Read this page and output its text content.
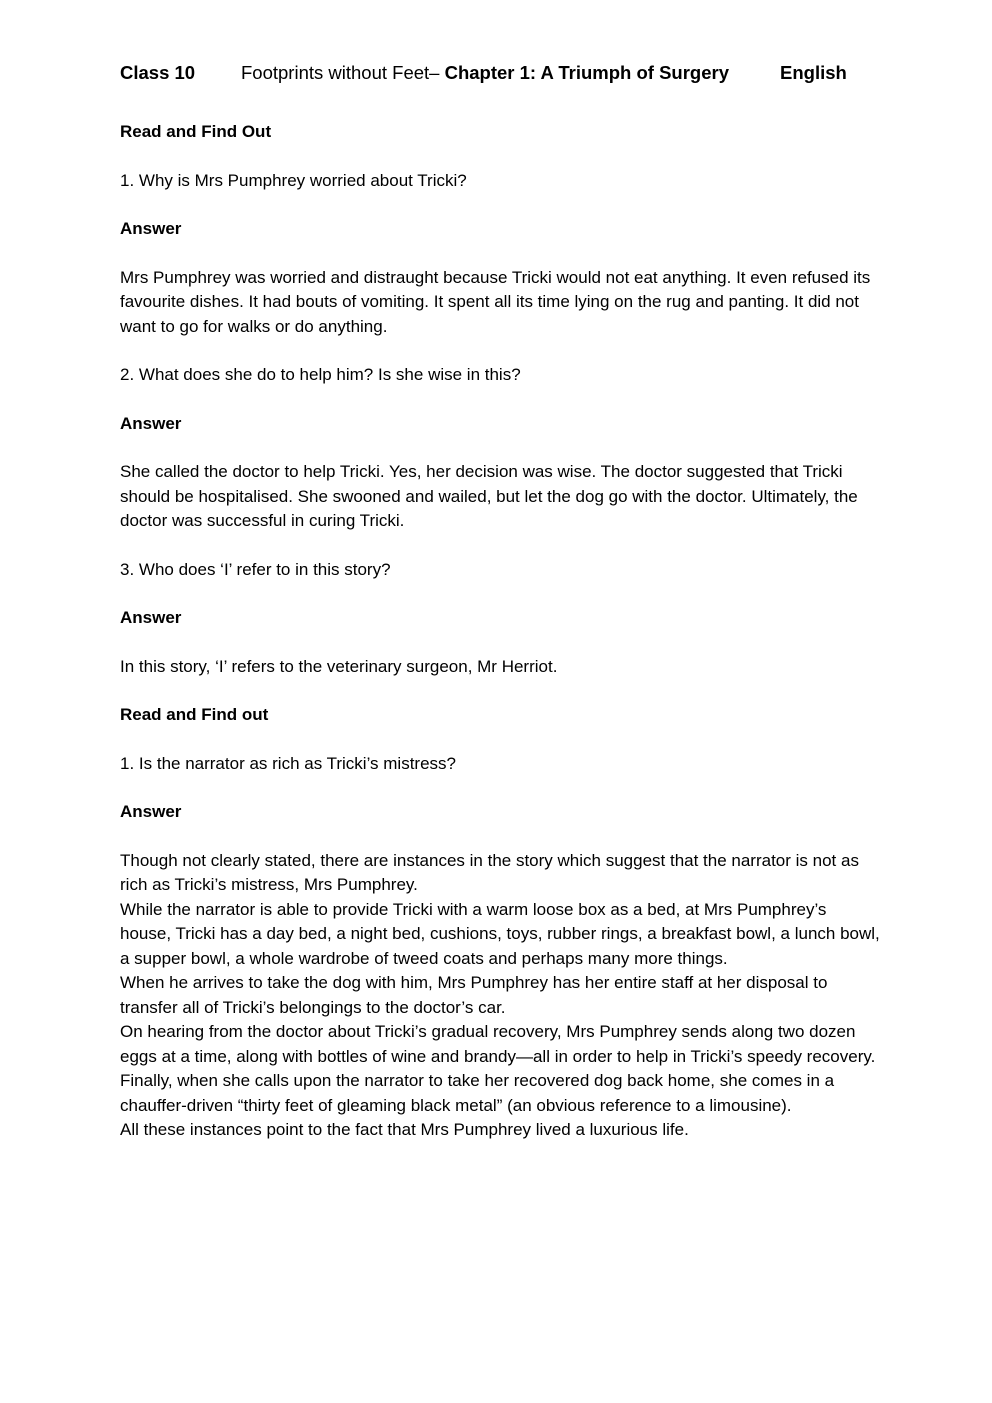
Class 10 Footprints without Feet– Chapter 1: A Triumph of Surgery	English

Read and Find Out

1. Why is Mrs Pumphrey worried about Tricki?

Answer

Mrs Pumphrey was worried and distraught because Tricki would not eat anything. It even refused its favourite dishes. It had bouts of vomiting. It spent all its time lying on the rug and panting. It did not want to go for walks or do anything.

2. What does she do to help him? Is she wise in this?

Answer

She called the doctor to help Tricki. Yes, her decision was wise. The doctor suggested that Tricki should be hospitalised. She swooned and wailed, but let the dog go with the doctor. Ultimately, the doctor was successful in curing Tricki.

3. Who does ‘I’ refer to in this story?

Answer

In this story, ‘I’ refers to the veterinary surgeon, Mr Herriot.

Read and Find out

1. Is the narrator as rich as Tricki’s mistress?

Answer

Though not clearly stated, there are instances in the story which suggest that the narrator is not as rich as Tricki’s mistress, Mrs Pumphrey.

While the narrator is able to provide Tricki with a warm loose box as a bed, at Mrs Pumphrey’s house, Tricki has a day bed, a night bed, cushions, toys, rubber rings, a breakfast bowl, a lunch bowl, a supper bowl, a whole wardrobe of tweed coats and perhaps many more things.

When he arrives to take the dog with him, Mrs Pumphrey has her entire staff at her disposal to transfer all of Tricki’s belongings to the doctor’s car.

On hearing from the doctor about Tricki’s gradual recovery, Mrs Pumphrey sends along two dozen eggs at a time, along with bottles of wine and brandy—all in order to help in Tricki’s speedy recovery.

Finally, when she calls upon the narrator to take her recovered dog back home, she comes in a chauffer-driven “thirty feet of gleaming black metal” (an obvious reference to a limousine).

All these instances point to the fact that Mrs Pumphrey lived a luxurious life.
